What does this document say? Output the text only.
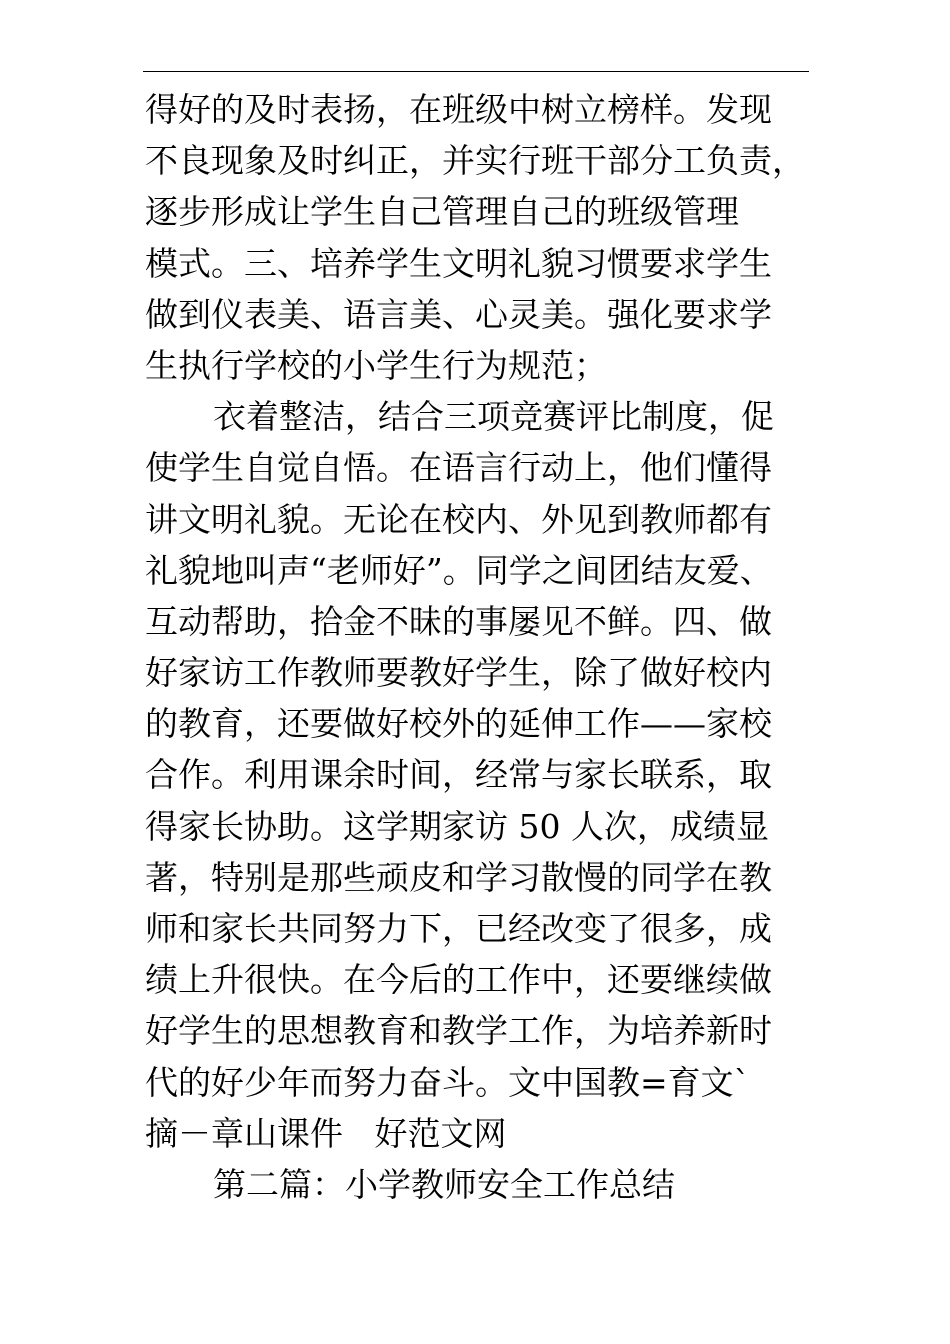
得好的及时表扬，在班级中树立榜样。发现
不良现象及时纠正，并实行班干部分工负责，
逐步形成让学生自己管理自己的班级管理
模式。三、培养学生文明礼貌习惯要求学生
做到仪表美、语言美、心灵美。强化要求学
生执行学校的小学生行为规范；
衣着整洁，结合三项竞赛评比制度，促
使学生自觉自悟。在语言行动上，他们懂得
讲文明礼貌。无论在校内、外见到教师都有
礼貌地叫声“老师好”。同学之间团结友爱、
互动帮助，拾金不昧的事屡见不鲜。四、做
好家访工作教师要教好学生，除了做好校内
的教育，还要做好校外的延伸工作——家校
合作。利用课余时间，经常与家长联系，取
得家长协助。这学期家访 50 人次，成绩显
著，特别是那些顽皮和学习散慢的同学在教
师和家长共同努力下，已经改变了很多，成
绩上升很快。在今后的工作中，还要继续做
好学生的思想教育和教学工作，为培养新时
代的好少年而努力奋斗。文中国教=育文`
摘－章山课件   好范文网
第二篇：小学教师安全工作总结
